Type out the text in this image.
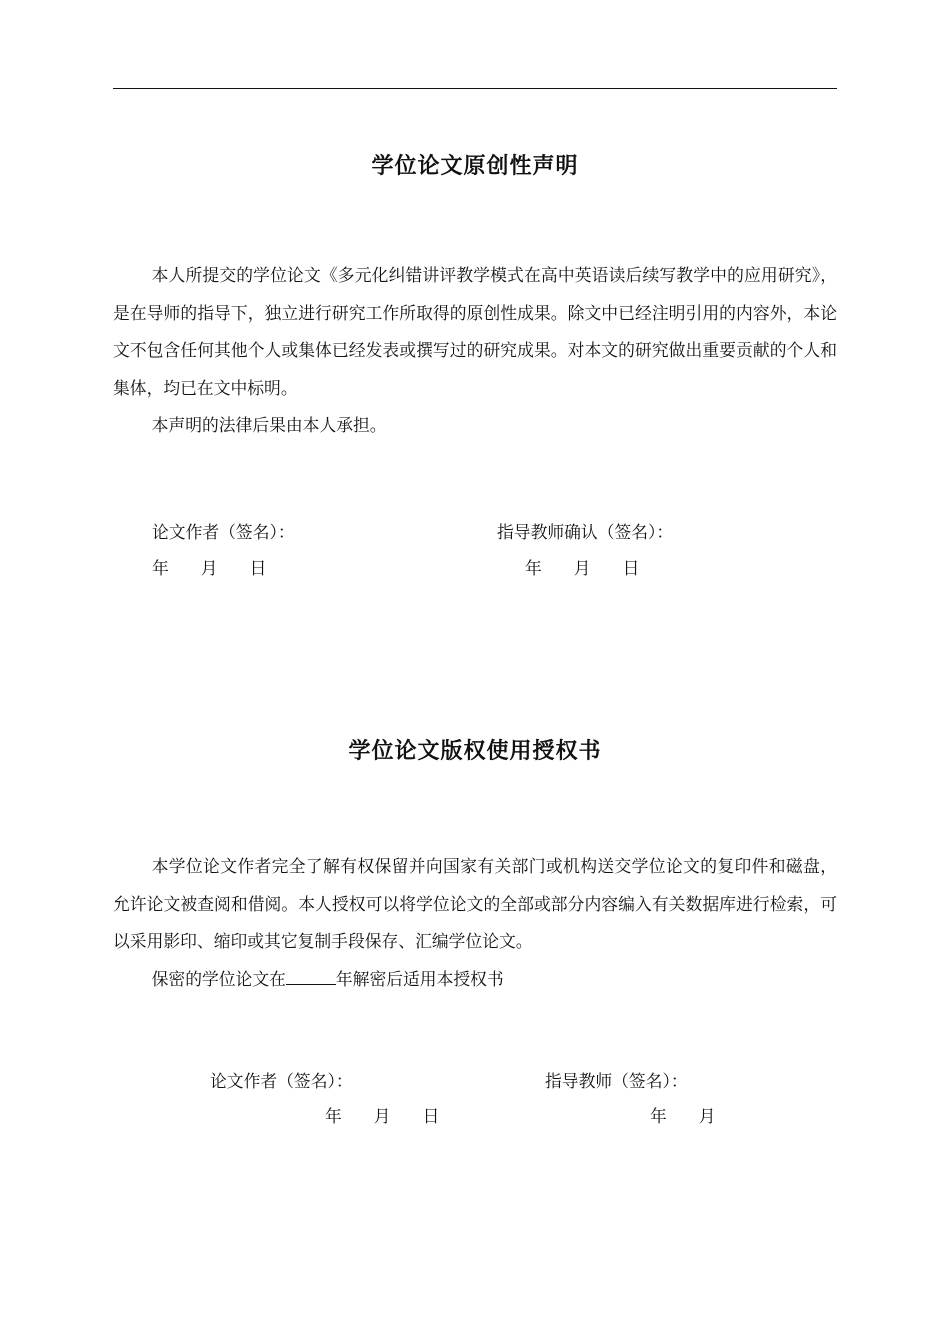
学位论文原创性声明

本人所提交的学位论文《多元化纠错讲评教学模式在高中英语读后续写教学中的应用研究》，是在导师的指导下，独立进行研究工作所取得的原创性成果。除文中已经注明引用的内容外，本论文不包含任何其他个人或集体已经发表或撰写过的研究成果。对本文的研究做出重要贡献的个人和集体，均已在文中标明。

本声明的法律后果由本人承担。

论文作者（签名）：	指导教师确认（签名）：
年 月 日	年 月 日
学位论文版权使用授权书

本学位论文作者完全了解有权保留并向国家有关部门或机构送交学位论文的复印件和磁盘，允许论文被查阅和借阅。本人授权可以将学位论文的全部或部分内容编入有关数据库进行检索，可以采用影印、缩印或其它复制手段保存、汇编学位论文。

保密的学位论文在	年解密后适用本授权书

论文作者（签名）：	指导教师（签名）：
年 月 日	年 月
